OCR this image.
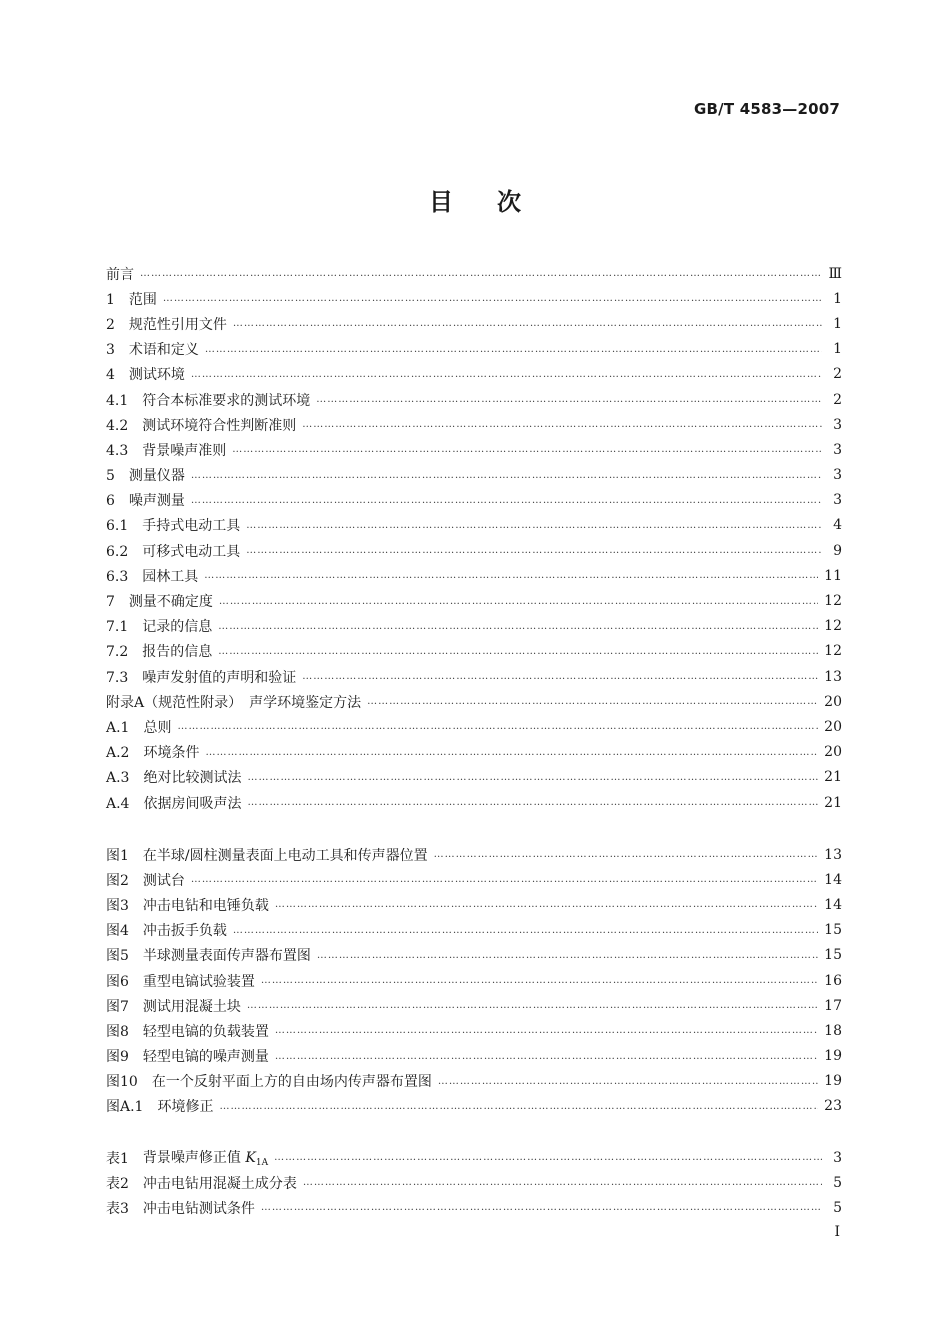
GB/T 4583—2007
目次
前言 ……………………………………………………………………………………………………………………………………………………………………………………………………………………	Ⅲ
1　 范围 ……………………………………………………………………………………………………………………………………………………………………………………………………………………	1
2　 规范性引用文件 ……………………………………………………………………………………………………………………………………………………………………………………………………………………	1
3　 术语和定义 ……………………………………………………………………………………………………………………………………………………………………………………………………………………	1
4　 测试环境 ……………………………………………………………………………………………………………………………………………………………………………………………………………………	2
4.1　 符合本标准要求的测试环境 ……………………………………………………………………………………………………………………………………………………………………………………………………………………	2
4.2　 测试环境符合性判断准则 ……………………………………………………………………………………………………………………………………………………………………………………………………………………	3
4.3　 背景噪声准则 ……………………………………………………………………………………………………………………………………………………………………………………………………………………	3
5　 测量仪器 ……………………………………………………………………………………………………………………………………………………………………………………………………………………	3
6　 噪声测量 ……………………………………………………………………………………………………………………………………………………………………………………………………………………	3
6.1　 手持式电动工具 ……………………………………………………………………………………………………………………………………………………………………………………………………………………	4
6.2　 可移式电动工具 ……………………………………………………………………………………………………………………………………………………………………………………………………………………	9
6.3　 园林工具 ……………………………………………………………………………………………………………………………………………………………………………………………………………………	11
7　 测量不确定度 ……………………………………………………………………………………………………………………………………………………………………………………………………………………	12
7.1　 记录的信息 ……………………………………………………………………………………………………………………………………………………………………………………………………………………	12
7.2　 报告的信息 ……………………………………………………………………………………………………………………………………………………………………………………………………………………	12
7.3　 噪声发射值的声明和验证 ……………………………………………………………………………………………………………………………………………………………………………………………………………………	13
附录A（规范性附录）　声学环境鉴定方法 ……………………………………………………………………………………………………………………………………………………………………………………………………………………	20
A.1　 总则 ……………………………………………………………………………………………………………………………………………………………………………………………………………………	20
A.2　 环境条件 ……………………………………………………………………………………………………………………………………………………………………………………………………………………	20
A.3　 绝对比较测试法 ……………………………………………………………………………………………………………………………………………………………………………………………………………………	21
A.4　 依据房间吸声法 ……………………………………………………………………………………………………………………………………………………………………………………………………………………	21
图1　 在半球/圆柱测量表面上电动工具和传声器位置 ……………………………………………………………………………………………………………………………………………………………………………………………………………………	13
图2　 测试台 ……………………………………………………………………………………………………………………………………………………………………………………………………………………	14
图3　 冲击电钻和电锤负载 ……………………………………………………………………………………………………………………………………………………………………………………………………………………	14
图4　 冲击扳手负载 ……………………………………………………………………………………………………………………………………………………………………………………………………………………	15
图5　 半球测量表面传声器布置图 ……………………………………………………………………………………………………………………………………………………………………………………………………………………	15
图6　 重型电镐试验装置 ……………………………………………………………………………………………………………………………………………………………………………………………………………………	16
图7　 测试用混凝土块 ……………………………………………………………………………………………………………………………………………………………………………………………………………………	17
图8　 轻型电镐的负载装置 ……………………………………………………………………………………………………………………………………………………………………………………………………………………	18
图9　 轻型电镐的噪声测量 ……………………………………………………………………………………………………………………………………………………………………………………………………………………	19
图10　 在一个反射平面上方的自由场内传声器布置图 ……………………………………………………………………………………………………………………………………………………………………………………………………………………	19
图A.1　 环境修正 ……………………………………………………………………………………………………………………………………………………………………………………………………………………	23
表1　 背景噪声修正值 $K_{1A}$ ……………………………………………………………………………………………………………………………………………………………………………………………………………………	3
表2　 冲击电钻用混凝土成分表 ……………………………………………………………………………………………………………………………………………………………………………………………………………………	5
表3　 冲击电钻测试条件 ……………………………………………………………………………………………………………………………………………………………………………………………………………………	5
I
